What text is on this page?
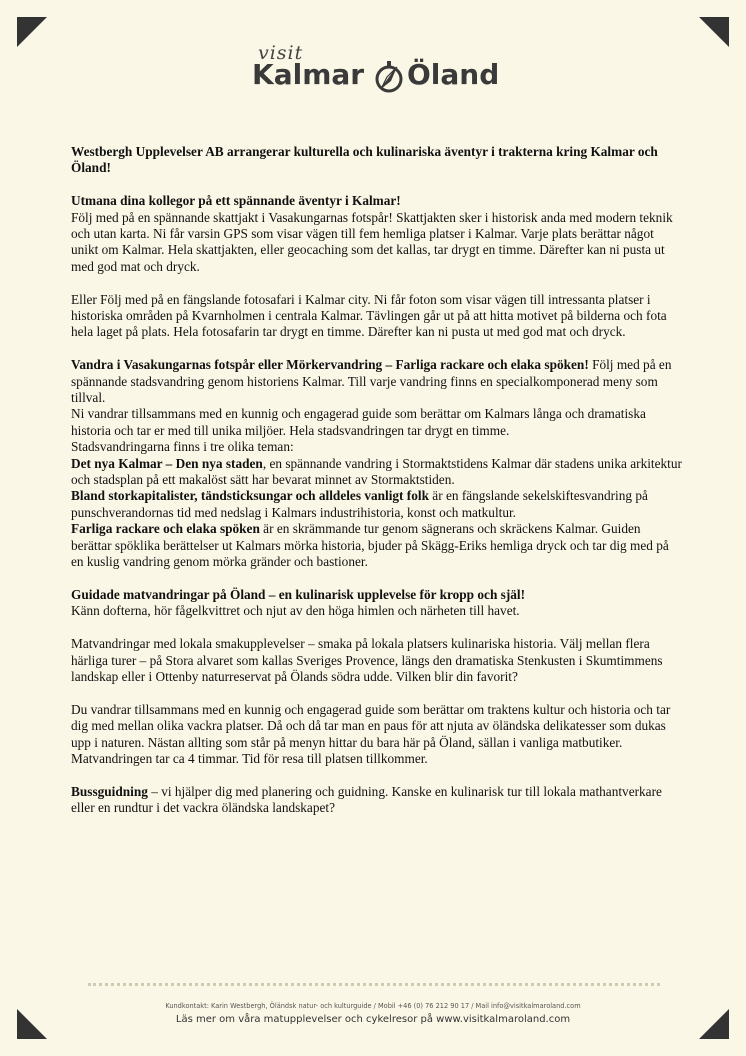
visit
Kalmar Öland

Westbergh Upplevelser AB arrangerar kulturella och kulinariska äventyr i trakterna kring Kalmar och Öland!

Utmana dina kollegor på ett spännande äventyr i Kalmar!
Följ med på en spännande skattjakt i Vasakungarnas fotspår! Skattjakten sker i historisk anda med modern teknik och utan karta. Ni får varsin GPS som visar vägen till fem hemliga platser i Kalmar. Varje plats berättar något unikt om Kalmar. Hela skattjakten, eller geocaching som det kallas, tar drygt en timme. Därefter kan ni pusta ut med god mat och dryck.

Eller Följ med på en fängslande fotosafari i Kalmar city. Ni får foton som visar vägen till intressanta platser i historiska områden på Kvarnholmen i centrala Kalmar. Tävlingen går ut på att hitta motivet på bilderna och fota hela laget på plats. Hela fotosafarin tar drygt en timme. Därefter kan ni pusta ut med god mat och dryck.

Vandra i Vasakungarnas fotspår eller Mörkervandring – Farliga rackare och elaka spöken! Följ med på en spännande stadsvandring genom historiens Kalmar. Till varje vandring finns en specialkomponerad meny som tillval.
Ni vandrar tillsammans med en kunnig och engagerad guide som berättar om Kalmars långa och dramatiska historia och tar er med till unika miljöer. Hela stadsvandringen tar drygt en timme.
Stadsvandringarna finns i tre olika teman:
Det nya Kalmar – Den nya staden, en spännande vandring i Stormaktstidens Kalmar där stadens unika arkitektur och stadsplan på ett makalöst sätt har bevarat minnet av Stormaktstiden.
Bland storkapitalister, tändsticksungar och alldeles vanligt folk är en fängslande sekelskiftesvandring på punschverandornas tid med nedslag i Kalmars industrihistoria, konst och matkultur.
Farliga rackare och elaka spöken är en skrämmande tur genom sägnerans och skräckens Kalmar. Guiden berättar spöklika berättelser ut Kalmars mörka historia, bjuder på Skägg-Eriks hemliga dryck och tar dig med på en kuslig vandring genom mörka gränder och bastioner.

Guidade matvandringar på Öland – en kulinarisk upplevelse för kropp och själ!
Känn dofterna, hör fågelkvittret och njut av den höga himlen och närheten till havet.

Matvandringar med lokala smakupplevelser – smaka på lokala platsers kulinariska historia. Välj mellan flera härliga turer – på Stora alvaret som kallas Sveriges Provence, längs den dramatiska Stenkusten i Skumtimmens landskap eller i Ottenby naturreservat på Ölands södra udde. Vilken blir din favorit?

Du vandrar tillsammans med en kunnig och engagerad guide som berättar om traktens kultur och historia och tar dig med mellan olika vackra platser. Då och då tar man en paus för att njuta av öländska delikatesser som dukas upp i naturen. Nästan allting som står på menyn hittar du bara här på Öland, sällan i vanliga matbutiker. Matvandringen tar ca 4 timmar. Tid för resa till platsen tillkommer.

Bussguidning – vi hjälper dig med planering och guidning. Kanske en kulinarisk tur till lokala mathantverkare eller en rundtur i det vackra öländska landskapet?

Kundkontakt: Karin Westbergh, Öländsk natur- och kulturguide / Mobil +46 (0) 76 212 90 17 / Mail info@visitkalmaroland.com
Läs mer om våra matupplevelser och cykelresor på www.visitkalmaroland.com
